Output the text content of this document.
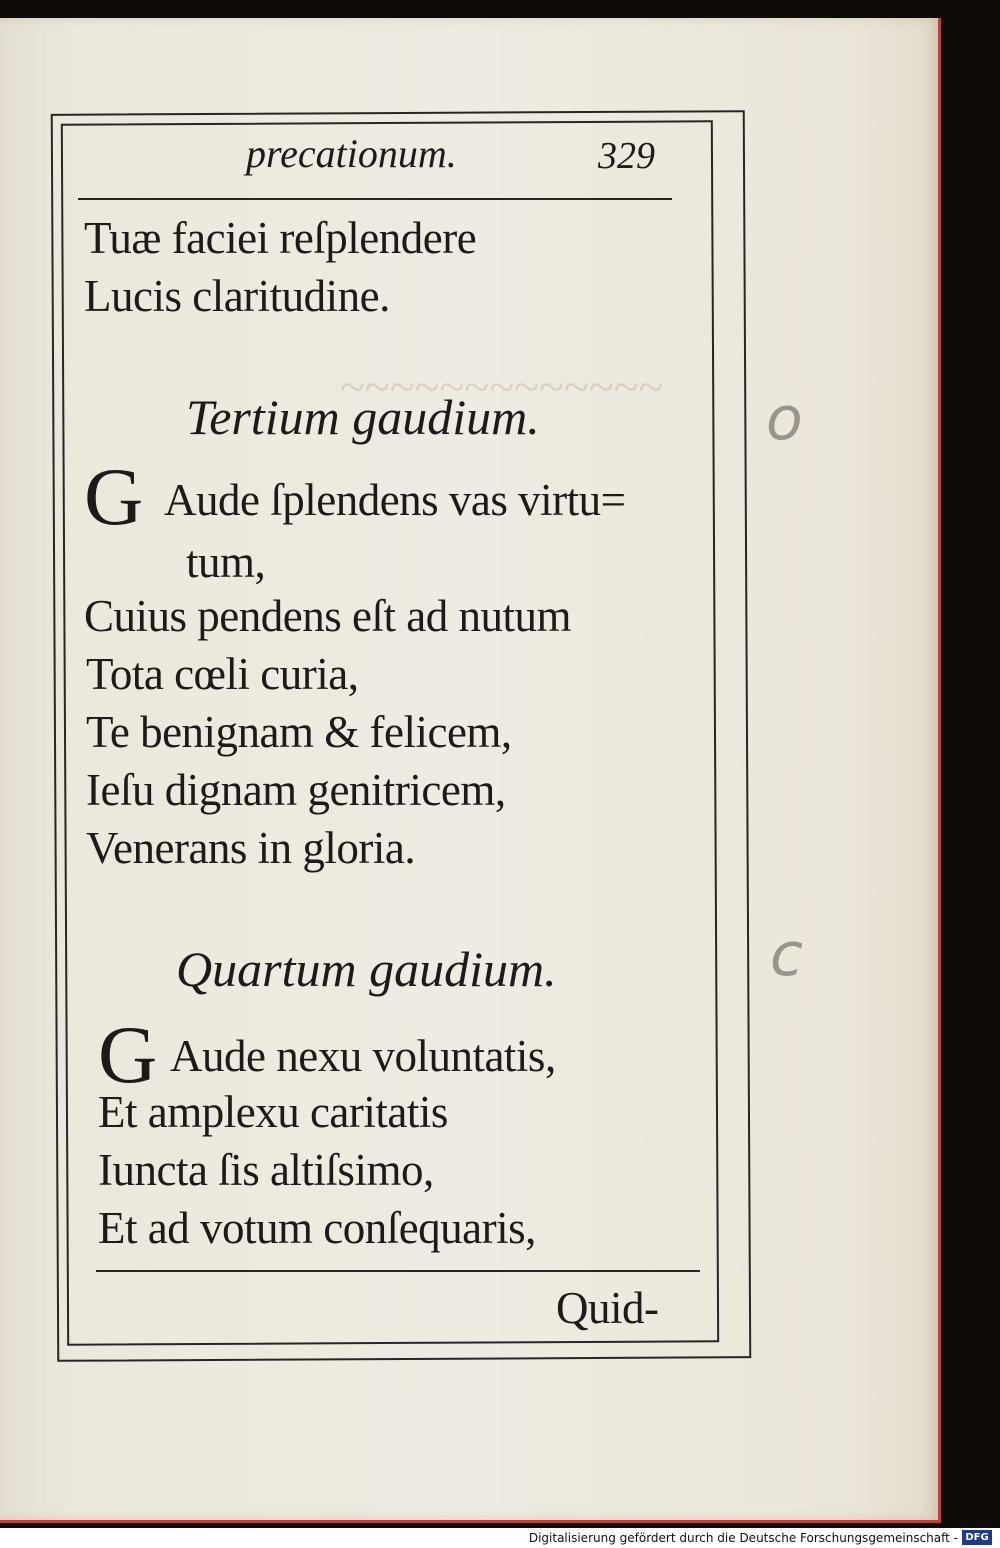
o
c
~~~~~~~~~~~~~
precationum.	329
Tuæ faciei reſplendere
Lucis claritudine.
Tertium gaudium.
G Aude ſplendens vas virtu=
tum,
Cuius pendens eſt ad nutum
Tota cœli curia,
Te benignam & felicem,
Ieſu dignam genitricem,
Venerans in gloria.
Quartum gaudium.
G Aude nexu voluntatis,
Et amplexu caritatis
Iuncta ſis altiſsimo,
Et ad votum conſequaris,
Quid-
Digitalisierung gefördert durch die Deutsche Forschungsgemeinschaft - DFG
